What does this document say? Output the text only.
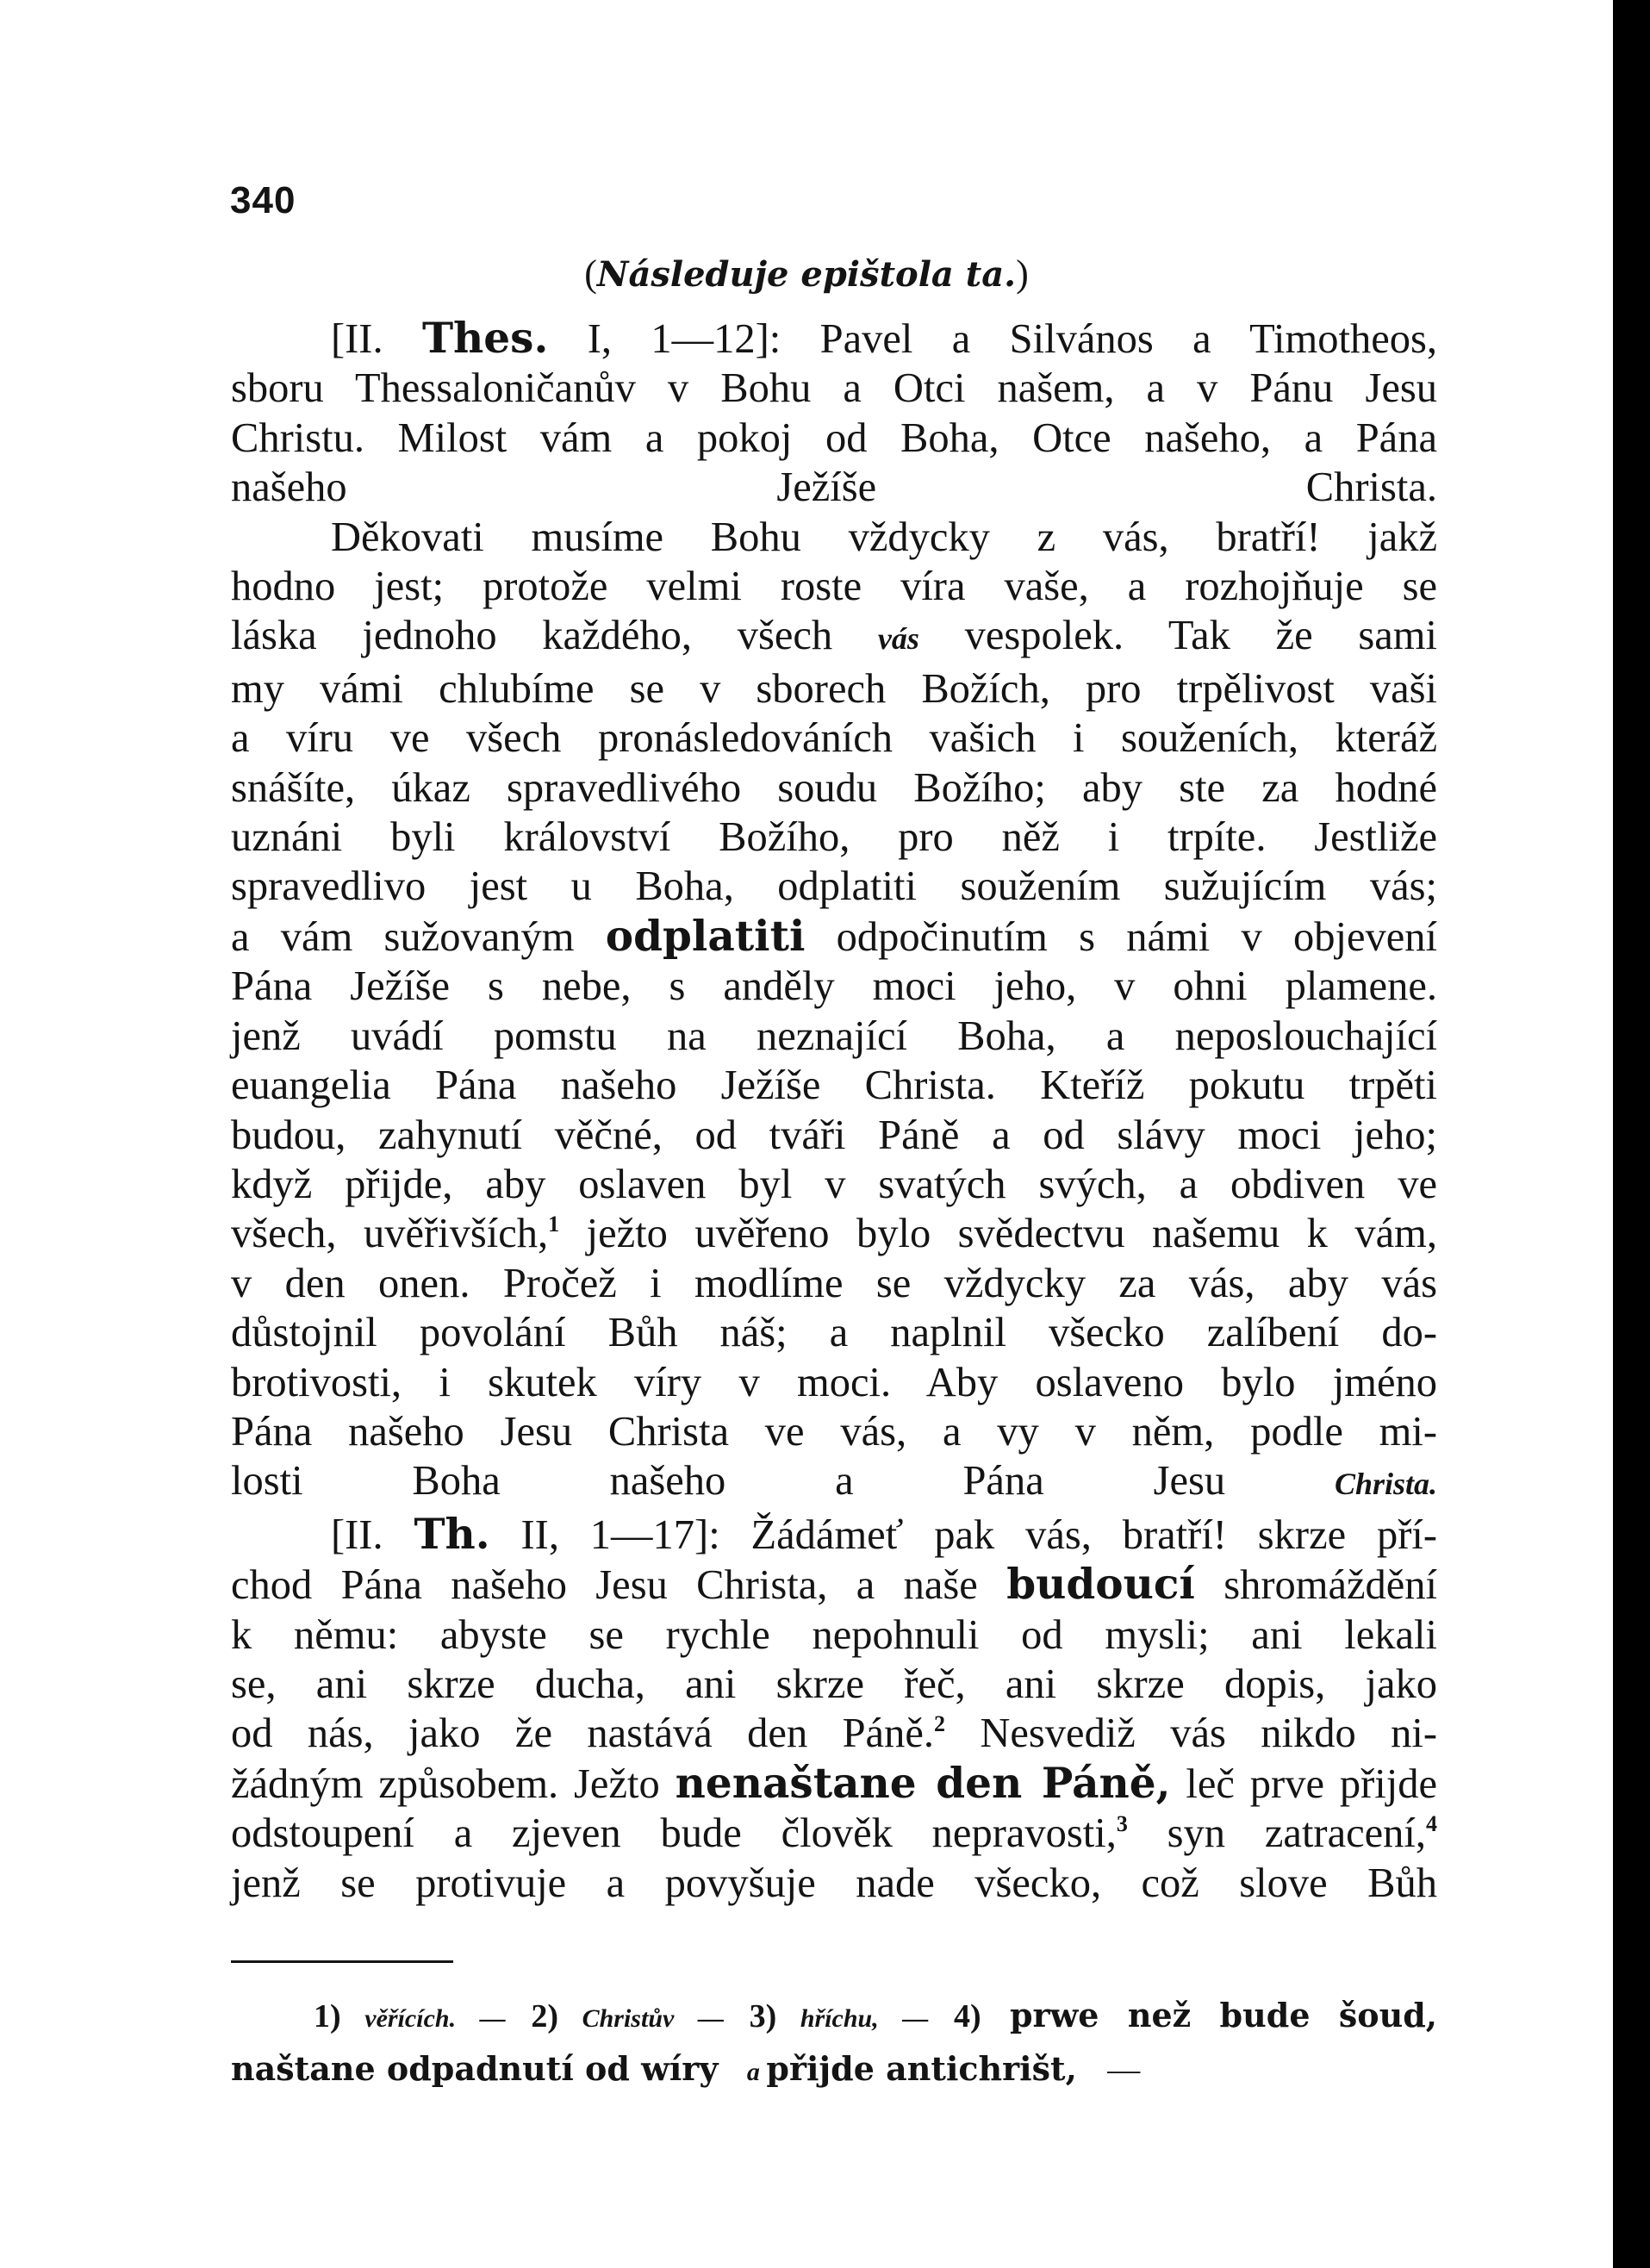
340
(Následuje epištola ta.)

[II. Thes. I, 1—12]: Pavel a Silvános a Timotheos,
sboru Thessaloničanův v Bohu a Otci našem, a v Pánu Jesu
Christu. Milost vám a pokoj od Boha, Otce našeho, a Pána
našeho Ježíše Christa.

Děkovati musíme Bohu vždycky z vás, bratří! jakž
hodno jest; protože velmi roste víra vaše, a rozhojňuje se
láska jednoho každého, všech vás vespolek. Tak že sami
my vámi chlubíme se v sborech Božích, pro trpělivost vaši
a víru ve všech pronásledováních vašich i souženích, kteráž
snášíte, úkaz spravedlivého soudu Božího; aby ste za hodné
uznáni byli království Božího, pro něž i trpíte. Jestliže
spravedlivo jest u Boha, odplatiti soužením sužujícím vás;
a vám sužovaným odplatiti odpočinutím s námi v objevení
Pána Ježíše s nebe, s anděly moci jeho, v ohni plamene.
jenž uvádí pomstu na neznající Boha, a neposlouchající
euangelia Pána našeho Ježíše Christa. Kteříž pokutu trpěti
budou, zahynutí věčné, od tváři Páně a od slávy moci jeho;
když přijde, aby oslaven byl v svatých svých, a obdiven ve
všech, uvěřivších,$^1$ ježto uvěřeno bylo svědectvu našemu k vám,
v den onen. Pročež i modlíme se vždycky za vás, aby vás
důstojnil povolání Bůh náš; a naplnil všecko zalíbení do-
brotivosti, i skutek víry v moci. Aby oslaveno bylo jméno
Pána našeho Jesu Christa ve vás, a vy v něm, podle mi-
losti Boha našeho a Pána Jesu Christa.

[II. Th. II, 1—17]: Žádámeť pak vás, bratří! skrze pří-
chod Pána našeho Jesu Christa, a naše budoucí shromáždění
k němu: abyste se rychle nepohnuli od mysli; ani lekali
se, ani skrze ducha, ani skrze řeč, ani skrze dopis, jako
od nás, jako že nastává den Páně.$^2$ Nesvediž vás nikdo ni-
žádným způsobem. Ježto nenaštane den Páně, leč prve přijde
odstoupení a zjeven bude člověk nepravosti,$^3$ syn zatracení,$^4$
jenž se protivuje a povyšuje nade všecko, což slove Bůh

1) věřících. — 2) Christův — 3) hříchu, — 4) prwe než bude šoud,
naštane odpadnutí od wíry a přijde antichrišt, —
